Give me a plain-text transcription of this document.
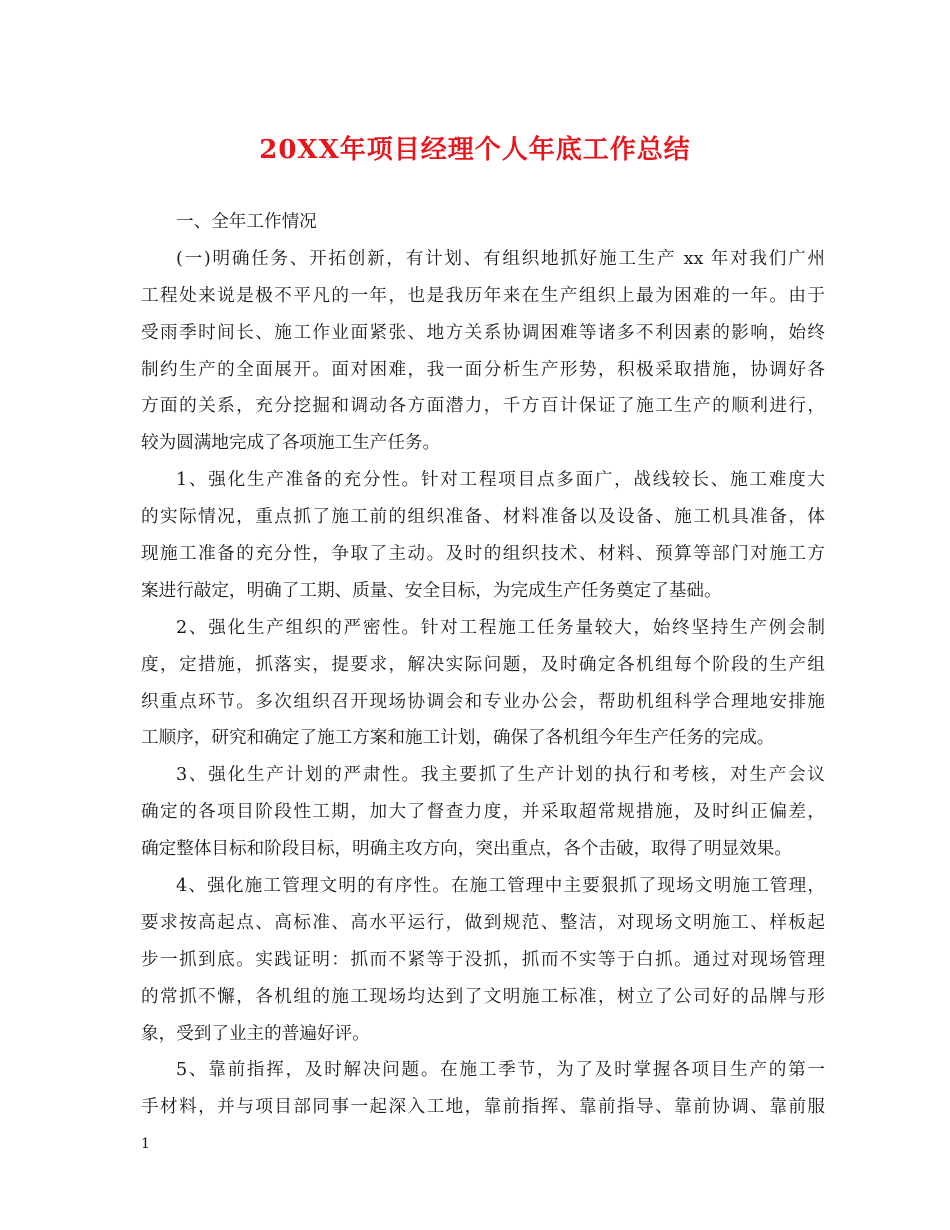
20XX年项目经理个人年底工作总结
一、全年工作情况
(一)明确任务、开拓创新，有计划、有组织地抓好施工生产 xx 年对我们广州
工程处来说是极不平凡的一年，也是我历年来在生产组织上最为困难的一年。由于
受雨季时间长、施工作业面紧张、地方关系协调困难等诸多不利因素的影响，始终
制约生产的全面展开。面对困难，我一面分析生产形势，积极采取措施，协调好各
方面的关系，充分挖掘和调动各方面潜力，千方百计保证了施工生产的顺利进行，
较为圆满地完成了各项施工生产任务。
1、强化生产准备的充分性。针对工程项目点多面广，战线较长、施工难度大
的实际情况，重点抓了施工前的组织准备、材料准备以及设备、施工机具准备，体
现施工准备的充分性，争取了主动。及时的组织技术、材料、预算等部门对施工方
案进行敲定，明确了工期、质量、安全目标，为完成生产任务奠定了基础。
2、强化生产组织的严密性。针对工程施工任务量较大，始终坚持生产例会制
度，定措施，抓落实，提要求，解决实际问题，及时确定各机组每个阶段的生产组
织重点环节。多次组织召开现场协调会和专业办公会，帮助机组科学合理地安排施
工顺序，研究和确定了施工方案和施工计划，确保了各机组今年生产任务的完成。
3、强化生产计划的严肃性。我主要抓了生产计划的执行和考核，对生产会议
确定的各项目阶段性工期，加大了督查力度，并采取超常规措施，及时纠正偏差，
确定整体目标和阶段目标，明确主攻方向，突出重点，各个击破，取得了明显效果。
4、强化施工管理文明的有序性。在施工管理中主要狠抓了现场文明施工管理，
要求按高起点、高标准、高水平运行，做到规范、整洁，对现场文明施工、样板起
步一抓到底。实践证明：抓而不紧等于没抓，抓而不实等于白抓。通过对现场管理
的常抓不懈，各机组的施工现场均达到了文明施工标准，树立了公司好的品牌与形
象，受到了业主的普遍好评。
5、靠前指挥，及时解决问题。在施工季节，为了及时掌握各项目生产的第一
手材料，并与项目部同事一起深入工地，靠前指挥、靠前指导、靠前协调、靠前服
1
